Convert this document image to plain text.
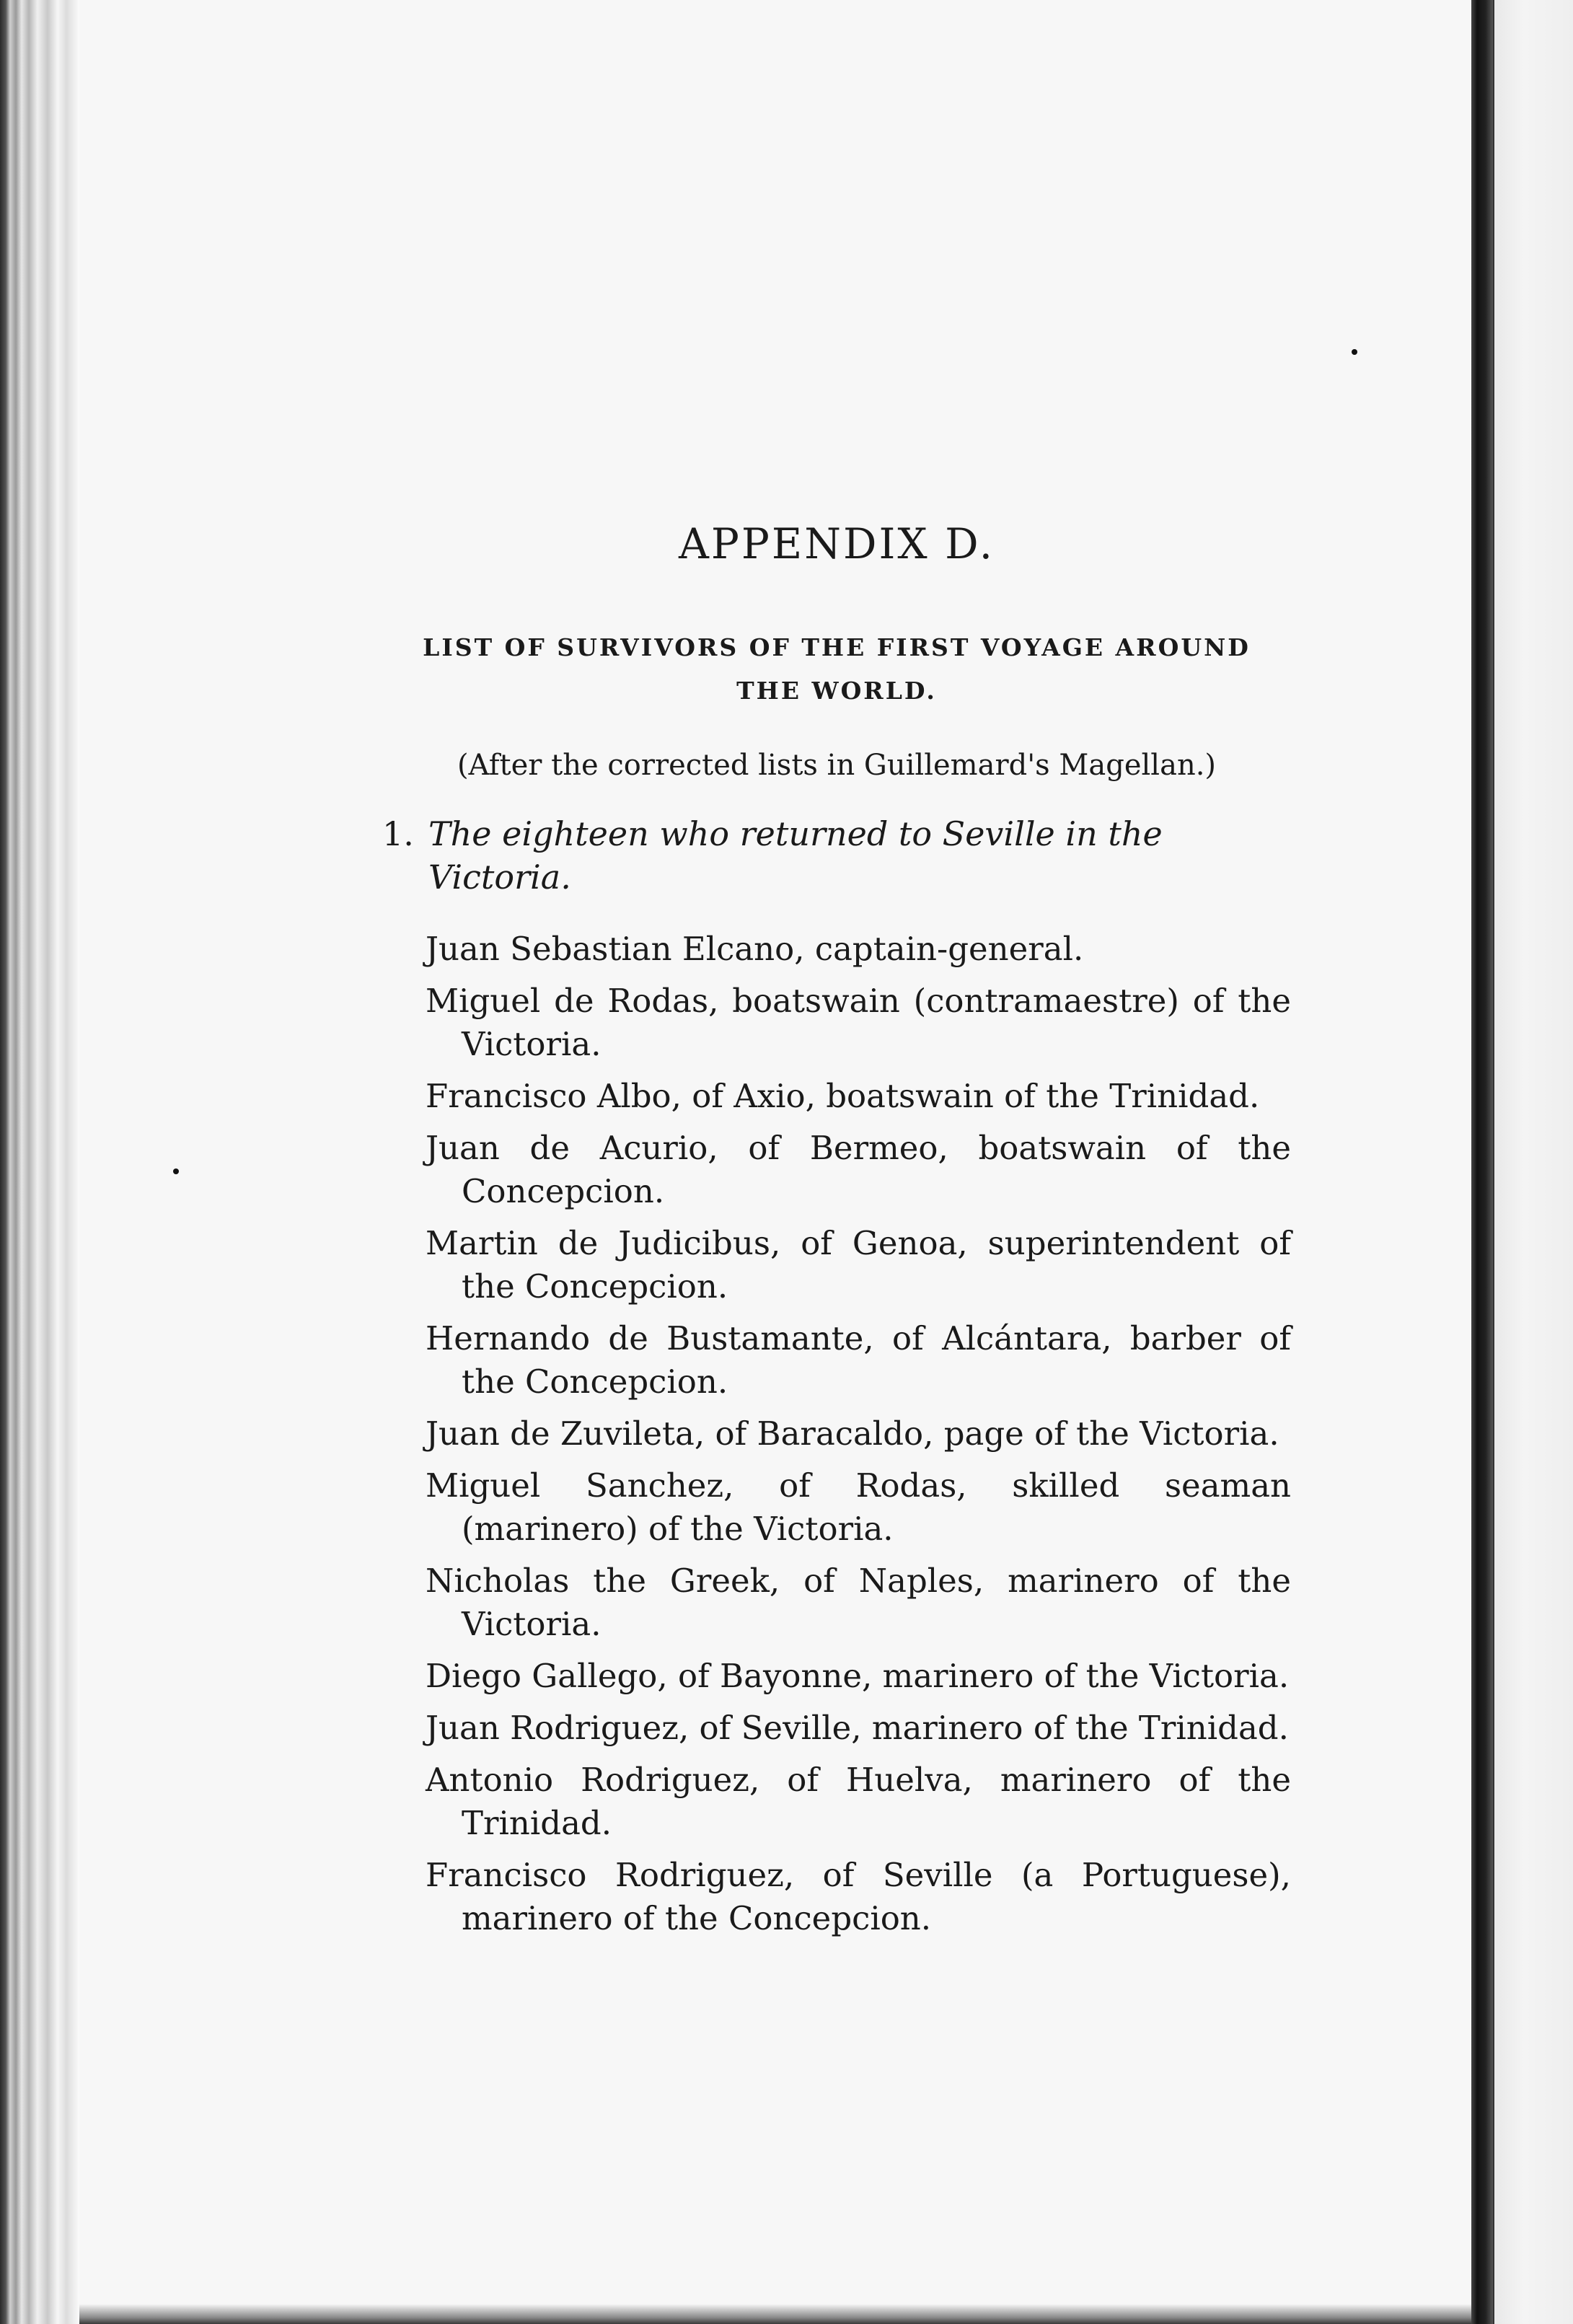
APPENDIX D.
LIST OF SURVIVORS OF THE FIRST VOYAGE AROUND
THE WORLD.
(After the corrected lists in Guillemard's Magellan.)
1. The eighteen who returned to Seville in the Victoria.
Juan Sebastian Elcano, captain-general.
Miguel de Rodas, boatswain (contramaestre) of the Victoria.
Francisco Albo, of Axio, boatswain of the Trinidad.
Juan de Acurio, of Bermeo, boatswain of the Concepcion.
Martin de Judicibus, of Genoa, superintendent of the Concepcion.
Hernando de Bustamante, of Alcántara, barber of the Concepcion.
Juan de Zuvileta, of Baracaldo, page of the Victoria.
Miguel Sanchez, of Rodas, skilled seaman (marinero) of the Victoria.
Nicholas the Greek, of Naples, marinero of the Victoria.
Diego Gallego, of Bayonne, marinero of the Victoria.
Juan Rodriguez, of Seville, marinero of the Trinidad.
Antonio Rodriguez, of Huelva, marinero of the Trinidad.
Francisco Rodriguez, of Seville (a Portuguese), marinero of the Concepcion.
